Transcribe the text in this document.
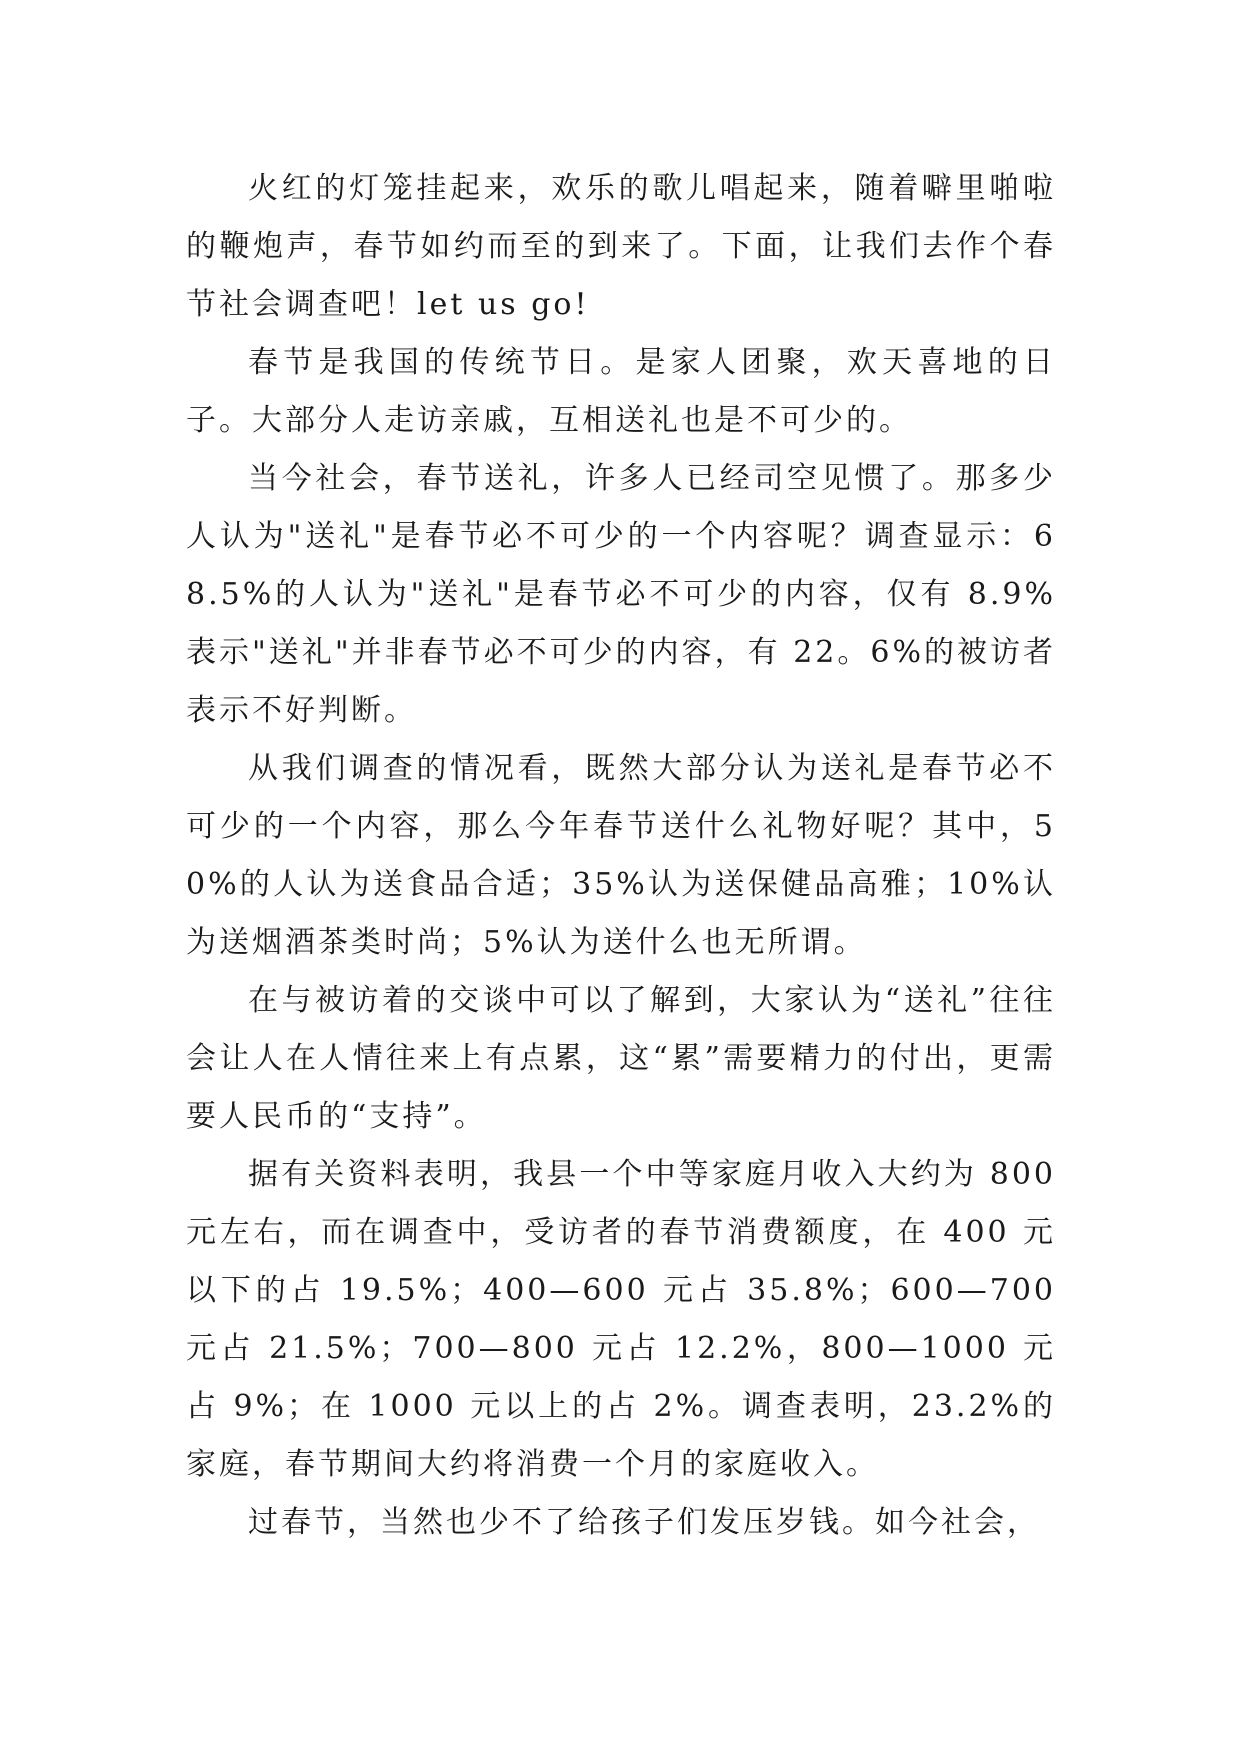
火红的灯笼挂起来，欢乐的歌儿唱起来，随着噼里啪啦的鞭炮声，春节如约而至的到来了。下面，让我们去作个春节社会调查吧！let us go!

春节是我国的传统节日。是家人团聚，欢天喜地的日子。大部分人走访亲戚，互相送礼也是不可少的。

当今社会，春节送礼，许多人已经司空见惯了。那多少人认为"送礼"是春节必不可少的一个内容呢？调查显示：68.5%的人认为"送礼"是春节必不可少的内容，仅有 8.9%表示"送礼"并非春节必不可少的内容，有 22。6%的被访者表示不好判断。

从我们调查的情况看，既然大部分认为送礼是春节必不可少的一个内容，那么今年春节送什么礼物好呢？其中，50%的人认为送食品合适；35%认为送保健品高雅；10%认为送烟酒茶类时尚；5%认为送什么也无所谓。

在与被访着的交谈中可以了解到，大家认为“送礼”往往会让人在人情往来上有点累，这“累”需要精力的付出，更需要人民币的“支持”。

据有关资料表明，我县一个中等家庭月收入大约为 800 元左右，而在调查中，受访者的春节消费额度，在 400 元以下的占 19.5%；400—600 元占 35.8%；600—700 元占 21.5%；700—800 元占 12.2%，800—1000 元占 9%；在 1000 元以上的占 2%。调查表明，23.2%的家庭，春节期间大约将消费一个月的家庭收入。

过春节，当然也少不了给孩子们发压岁钱。如今社会，
